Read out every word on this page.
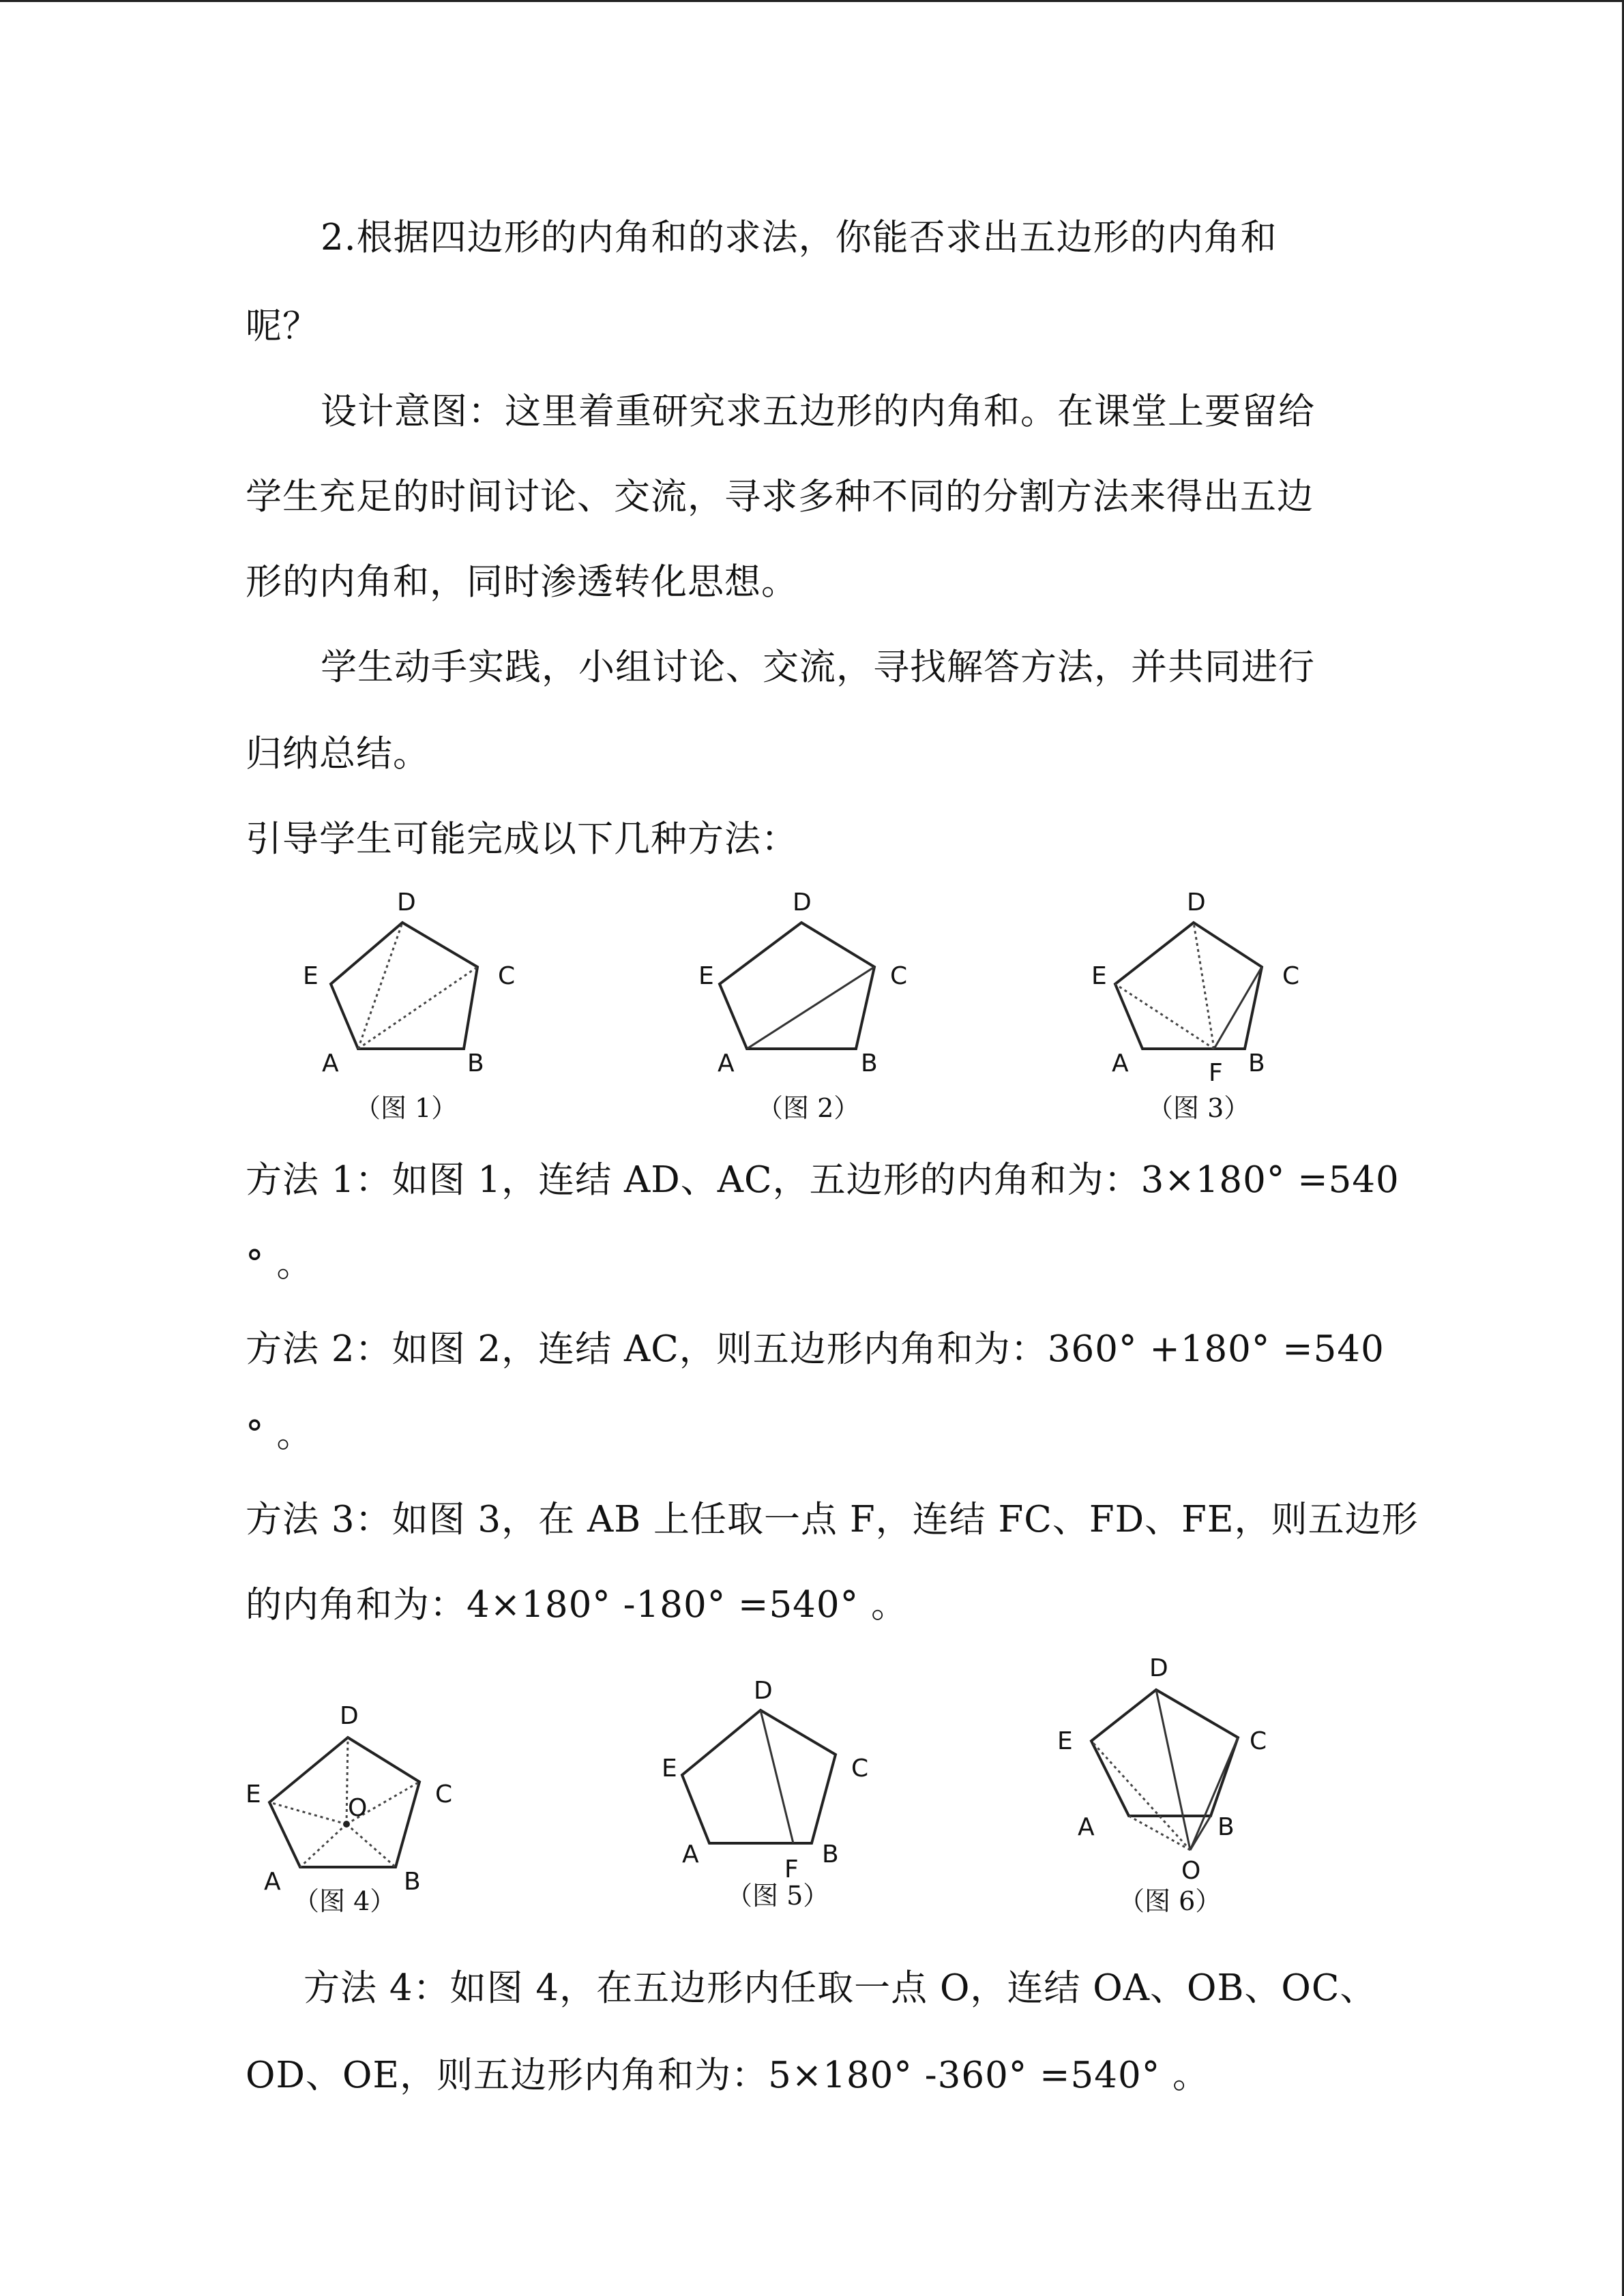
2.根据四边形的内角和的求法，你能否求出五边形的内角和
呢？
设计意图：这里着重研究求五边形的内角和。在课堂上要留给
学生充足的时间讨论、交流，寻求多种不同的分割方法来得出五边
形的内角和，同时渗透转化思想。
学生动手实践，小组讨论、交流，寻找解答方法，并共同进行
归纳总结。
引导学生可能完成以下几种方法：
D
E	C
A	B
（图 1）
D
E	C
A	B
（图 2）
D
E	C
A	B
F
（图 3）
方法 1：如图 1，连结 AD、AC，五边形的内角和为：3×180° =540
° 。
方法 2：如图 2，连结 AC，则五边形内角和为：360° +180° =540
° 。
方法 3：如图 3，在 AB 上任取一点 F，连结 FC、FD、FE，则五边形
的内角和为：4×180° -180° =540° 。
D
E	C
O
A	B
（图 4）
D
E	C
A	B
F
（图 5）
D
E	C
A	B
O
（图 6）
方法 4：如图 4，在五边形内任取一点 O，连结 OA、OB、OC、
OD、OE，则五边形内角和为：5×180° -360° =540° 。
